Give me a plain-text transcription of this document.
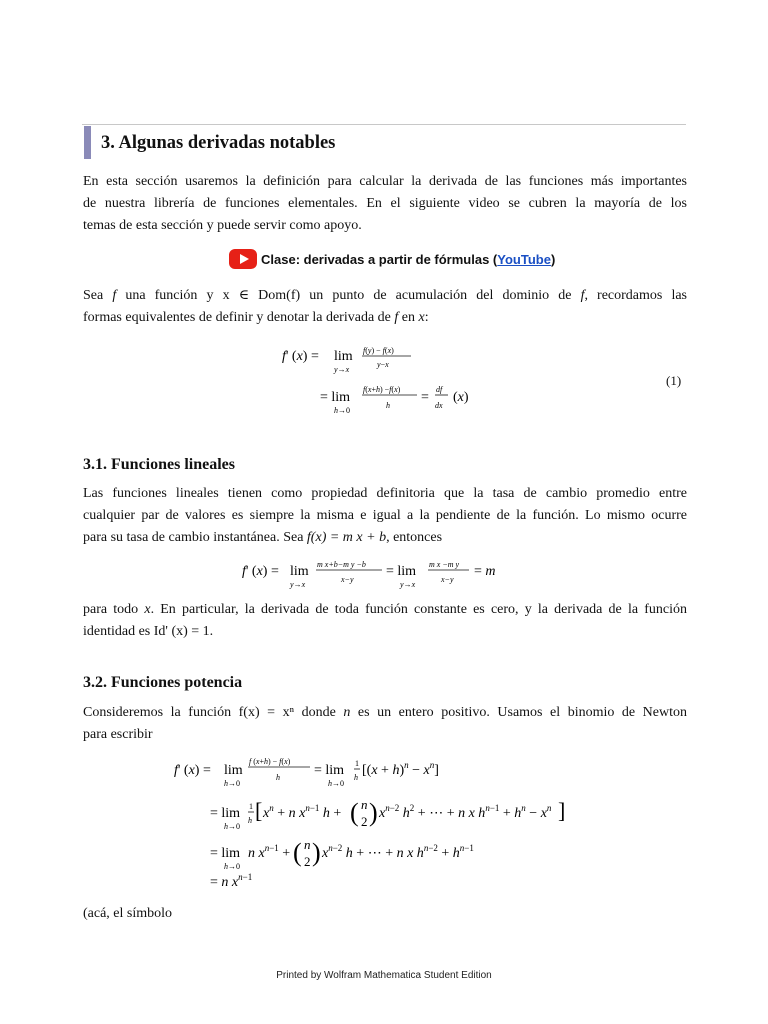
3. Algunas derivadas notables
En esta sección usaremos la definición para calcular la derivada de las funciones más importantes
de nuestra librería de funciones elementales. En el siguiente video se cubren la mayoría de los
temas de esta sección y puede servir como apoyo.
Clase: derivadas a partir de fórmulas ( YouTube )
Sea f una función y x ∈ Dom(f) un punto de acumulación del dominio de f, recordamos las
formas equivalentes de definir y denotar la derivada de f en x:
f' (x) = lim
y→x
f(y) − f(x)
y−x
= lim
h→0
f(x+h) −f(x)
h
=
df
dx
(x)
(1)
3.1. Funciones lineales
Las funciones lineales tienen como propiedad definitoria que la tasa de cambio promedio entre
cualquier par de valores es siempre la misma e igual a la pendiente de la función. Lo mismo ocurre
para su tasa de cambio instantánea. Sea f(x) = m x + b, entonces
f' (x) = lim
y→x
m x+b−m y −b
x−y
= lim
y→x
m x −m y
x−y
= m
para todo x. En particular, la derivada de toda función constante es cero, y la derivada de la función
identidad es Id' (x) = 1.
3.2. Funciones potencia
Consideremos la función f(x) = xⁿ donde n es un entero positivo. Usamos el binomio de Newton
para escribir
f' (x) = lim
h→0
f (x+h) − f(x)
h = lim
h→0
1
h $[(x + h)^n - x^n]$
= lim
h→0
1
h [ $x^n + n$ $x^n-1$ h + ( n
2 ) $x^n-2$ $h^2$ + ⋯ + n x $h^n-1 + h^n - x^n$ ]
= lim
h→0
n $x^n-1$ + ( n
2 ) $x^n-2$ h + ⋯ + n x $h^n-2 + h^n-1$
= n $x^n-1$
(acá, el símbolo
Printed by Wolfram Mathematica Student Edition
